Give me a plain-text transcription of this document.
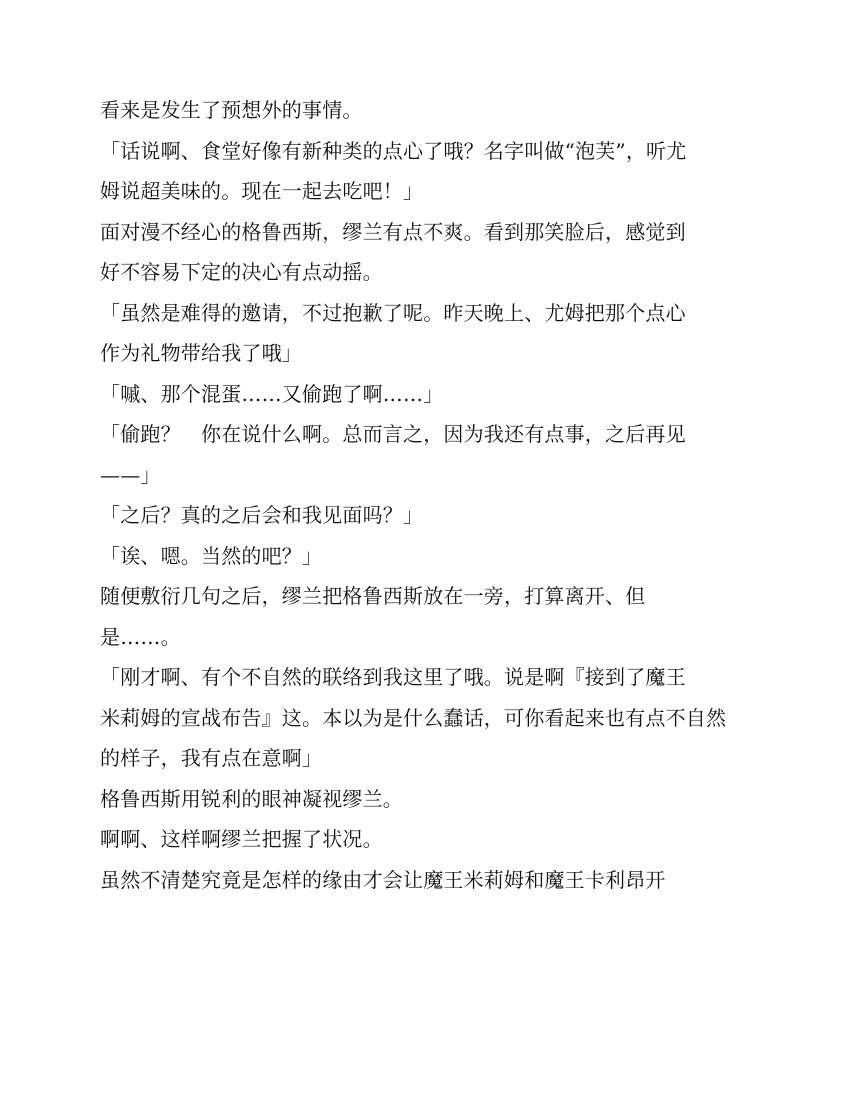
看来是发生了预想外的事情。
「话说啊、食堂好像有新种类的点心了哦？名字叫做“泡芙”，听尤
姆说超美味的。现在一起去吃吧！」
面对漫不经心的格鲁西斯，缪兰有点不爽。看到那笑脸后，感觉到
好不容易下定的决心有点动摇。
「虽然是难得的邀请，不过抱歉了呢。昨天晚上、尤姆把那个点心
作为礼物带给我了哦」
「嘁、那个混蛋……又偷跑了啊……」
「偷跑？　你在说什么啊。总而言之，因为我还有点事，之后再见
——」
「之后？真的之后会和我见面吗？」
「诶、嗯。当然的吧？」
随便敷衍几句之后，缪兰把格鲁西斯放在一旁，打算离开、但
是……。
「刚才啊、有个不自然的联络到我这里了哦。说是啊『接到了魔王
米莉姆的宣战布告』这。本以为是什么蠢话，可你看起来也有点不自然
的样子，我有点在意啊」
格鲁西斯用锐利的眼神凝视缪兰。
啊啊、这样啊缪兰把握了状况。
虽然不清楚究竟是怎样的缘由才会让魔王米莉姆和魔王卡利昂开
